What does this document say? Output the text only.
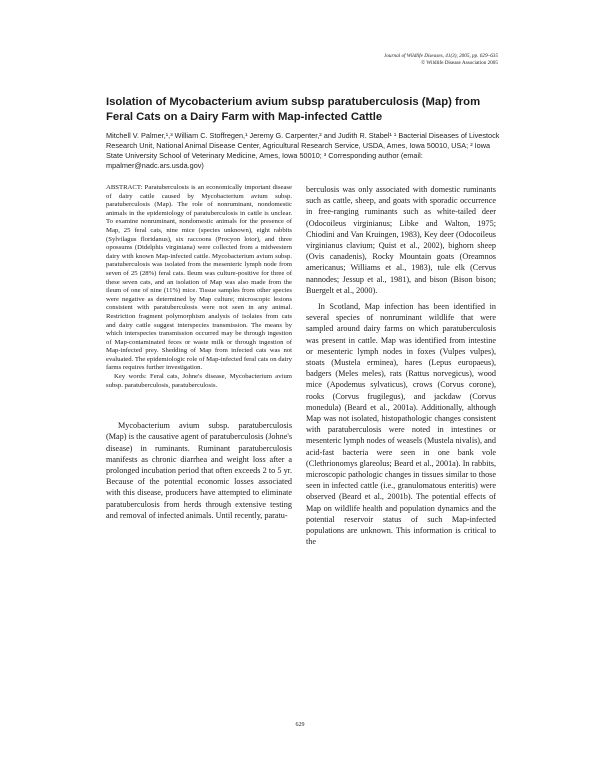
Journal of Wildlife Diseases, 41(3), 2005, pp. 629–635
© Wildlife Disease Association 2005
Isolation of Mycobacterium avium subsp paratuberculosis (Map) from Feral Cats on a Dairy Farm with Map-infected Cattle
Mitchell V. Palmer,¹,³ William C. Stoffregen,¹ Jeremy G. Carpenter,² and Judith R. Stabel¹ ¹ Bacterial Diseases of Livestock Research Unit, National Animal Disease Center, Agricultural Research Service, USDA, Ames, Iowa 50010, USA; ² Iowa State University School of Veterinary Medicine, Ames, Iowa 50010; ³ Corresponding author (email: mpalmer@nadc.ars.usda.gov)

ABSTRACT: Paratuberculosis is an economically important disease of dairy cattle caused by Mycobacterium avium subsp. paratuberculosis (Map). The role of nonruminant, nondomestic animals in the epidemiology of paratuberculosis in cattle is unclear. To examine nonruminant, nondomestic animals for the presence of Map, 25 feral cats, nine mice (species unknown), eight rabbits (Sylvilagus floridanus), six raccoons (Procyon lotor), and three opossums (Didelphis virginiana) were collected from a midwestern dairy with known Map-infected cattle. Mycobacterium avium subsp. paratuberculosis was isolated from the mesenteric lymph node from seven of 25 (28%) feral cats. Ileum was culture-positive for three of these seven cats, and an isolation of Map was also made from the ileum of one of nine (11%) mice. Tissue samples from other species were negative as determined by Map culture; microscopic lesions consistent with paratuberculosis were not seen in any animal. Restriction fragment polymorphism analysis of isolates from cats and dairy cattle suggest interspecies transmission. The means by which interspecies transmission occurred may be through ingestion of Map-contaminated feces or waste milk or through ingestion of Map-infected prey. Shedding of Map from infected cats was not evaluated. The epidemiologic role of Map-infected feral cats on dairy farms requires further investigation.

Key words: Feral cats, Johne's disease, Mycobacterium avium subsp. paratuberculosis, paratuberculosis.

Mycobacterium avium subsp. paratuberculosis (Map) is the causative agent of paratuberculosis (Johne's disease) in ruminants. Ruminant paratuberculosis manifests as chronic diarrhea and weight loss after a prolonged incubation period that often exceeds 2 to 5 yr. Because of the potential economic losses associated with this disease, producers have attempted to eliminate paratuberculosis from herds through extensive testing and removal of infected animals. Until recently, paratu-

berculosis was only associated with domestic ruminants such as cattle, sheep, and goats with sporadic occurrence in free-ranging ruminants such as white-tailed deer (Odocoileus virginianus; Libke and Walton, 1975; Chiodini and Van Kruingen, 1983), Key deer (Odocoileus virginianus clavium; Quist et al., 2002), bighorn sheep (Ovis canadenis), Rocky Mountain goats (Oreamnos americanus; Williams et al., 1983), tule elk (Cervus nannodes; Jessup et al., 1981), and bison (Bison bison; Buergelt et al., 2000).

In Scotland, Map infection has been identified in several species of nonruminant wildlife that were sampled around dairy farms on which paratuberculosis was present in cattle. Map was identified from intestine or mesenteric lymph nodes in foxes (Vulpes vulpes), stoats (Mustela erminea), hares (Lepus europaeus), badgers (Meles meles), rats (Rattus norvegicus), wood mice (Apodemus sylvaticus), crows (Corvus corone), rooks (Corvus frugilegus), and jackdaw (Corvus monedula) (Beard et al., 2001a). Additionally, although Map was not isolated, histopathologic changes consistent with paratuberculosis were noted in intestines or mesenteric lymph nodes of weasels (Mustela nivalis), and acid-fast bacteria were seen in one bank vole (Clethrionomys glareolus; Beard et al., 2001a). In rabbits, microscopic pathologic changes in tissues similar to those seen in infected cattle (i.e., granulomatous enteritis) were observed (Beard et al., 2001b). The potential effects of Map on wildlife health and population dynamics and the potential reservoir status of such Map-infected populations are unknown. This information is critical to the

629
